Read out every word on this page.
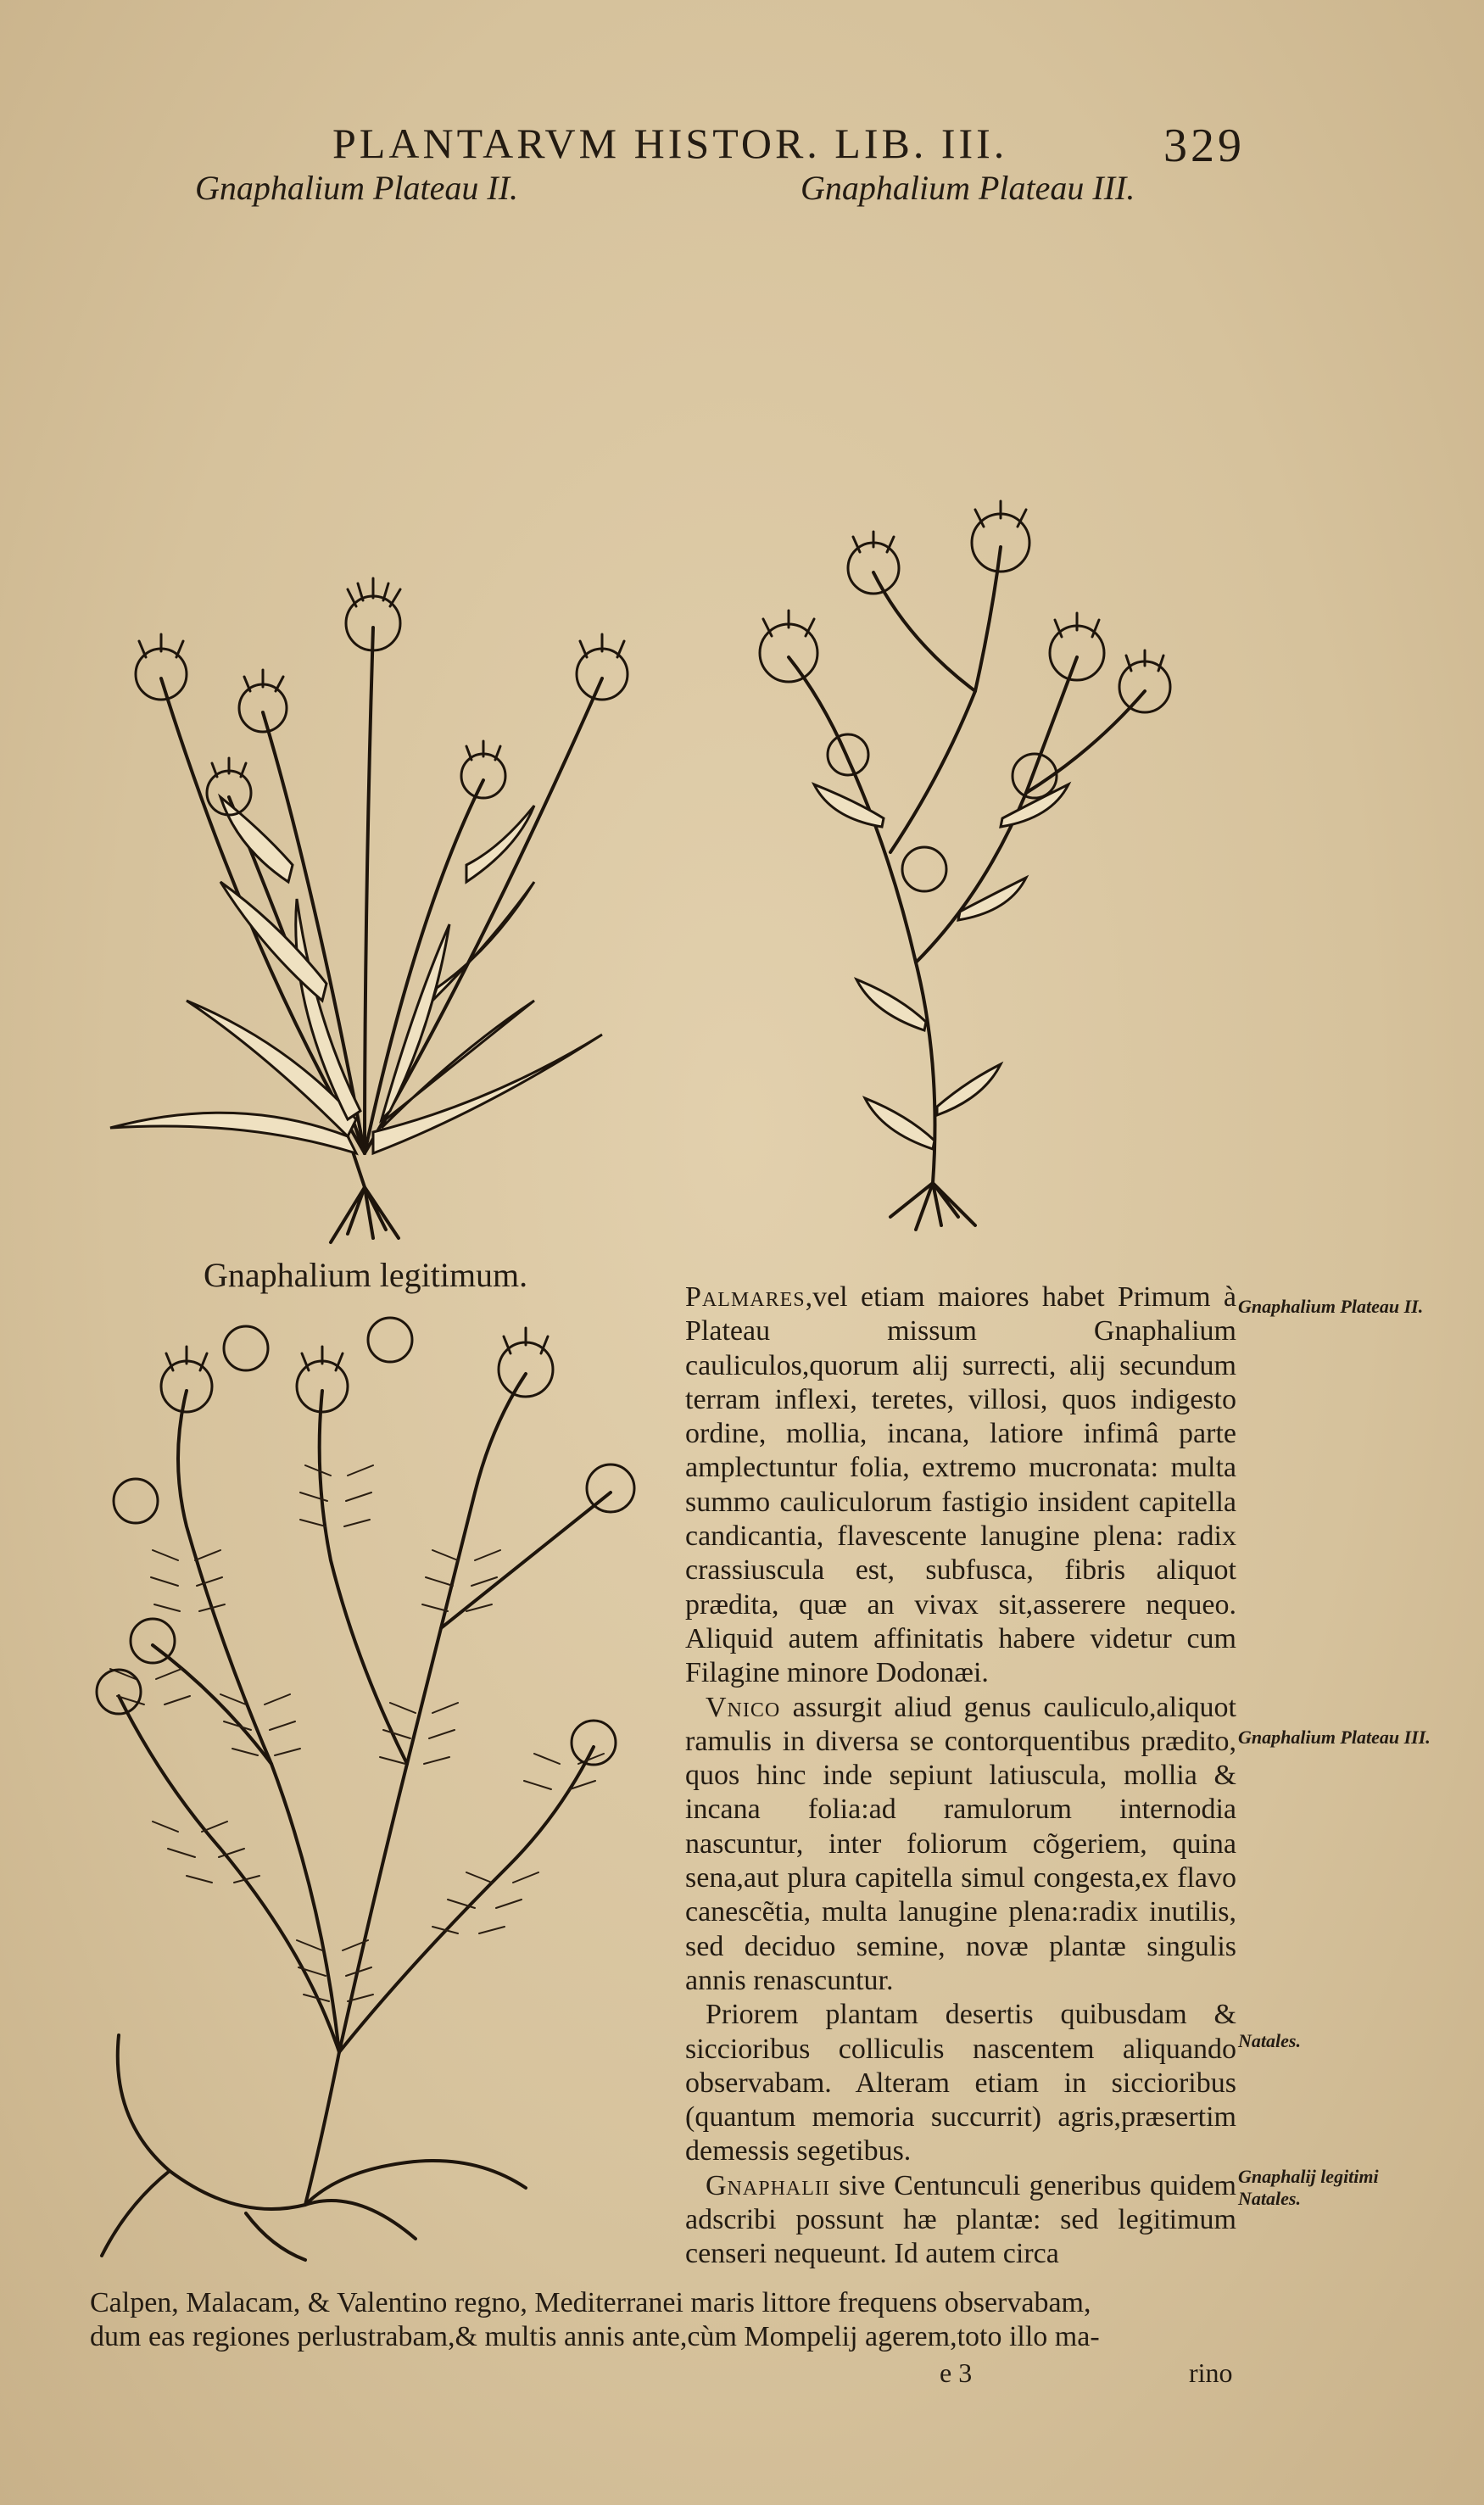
PLANTARVM HISTOR. LIB. III.	329
Gnaphalium Plateau II.	Gnaphalium Plateau III.
Gnaphalium legitimum.

Palmares,vel etiam maiores habet Primum à Plateau missum Gnaphalium cauliculos,quorum alij surrecti, alij secundum terram inflexi, teretes, villosi, quos indigesto ordine, mollia, incana, latiore infimâ parte amplectuntur folia, extremo mucronata: multa summo cauliculorum fastigio insident capitella candicantia, flavescente lanugine plena: radix crassiuscula est, subfusca, fibris aliquot prædita, quæ an vivax sit,asserere nequeo. Aliquid autem affinitatis habere videtur cum Filagine minore Dodonæi.

Vnico assurgit aliud genus cauliculo,aliquot ramulis in diversa se contorquentibus prædito, quos hinc inde sepiunt latiuscula, mollia & incana folia:ad ramulorum internodia nascuntur, inter foliorum cõgeriem, quina sena,aut plura capitella simul congesta,ex flavo canescẽtia, multa lanugine plena:radix inutilis, sed deciduo semine, novæ plantæ singulis annis renascuntur.

Priorem plantam desertis quibusdam & siccioribus colliculis nascentem aliquando observabam. Alteram etiam in siccioribus (quantum memoria succurrit) agris,præsertim demessis segetibus.

Gnaphalii sive Centunculi generibus quidem adscribi possunt hæ plantæ: sed legitimum censeri nequeunt. Id autem circa

Gnaphalium Plateau II.
Gnaphalium Plateau III.
Natales.
Gnaphalij legitimi Natales.
Calpen, Malacam, & Valentino regno, Mediterranei maris littore frequens observabam,
dum eas regiones perlustrabam,& multis annis ante,cùm Mompelij agerem,toto illo ma-
e 3	rino
